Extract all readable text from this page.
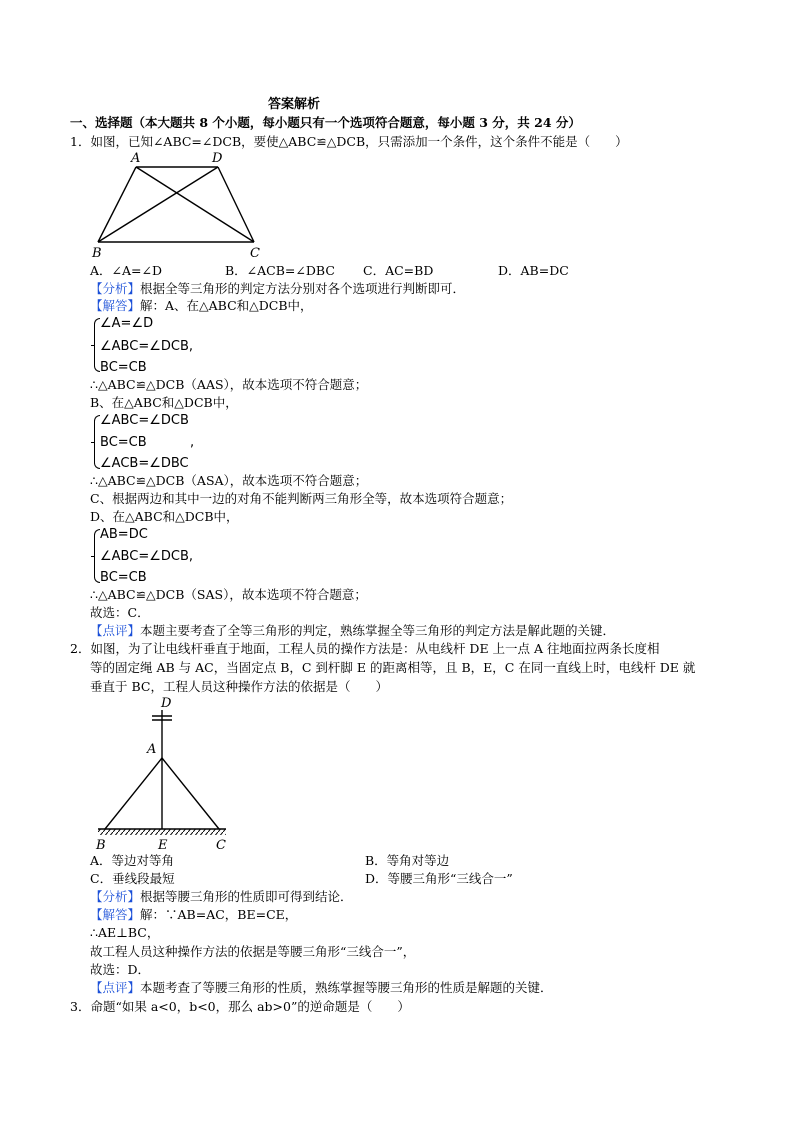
答案解析
一、选择题（本大题共 8 个小题，每小题只有一个选项符合题意，每小题 3 分，共 24 分）
1．如图，已知∠ABC=∠DCB，要使△ABC≌△DCB，只需添加一个条件，这个条件不能是（　　）
A	D
B	C
A．∠A=∠D	B．∠ACB=∠DBC C．AC=BD	D．AB=DC
【分析】根据全等三角形的判定方法分别对各个选项进行判断即可．
【解答】解：A、在△ABC和△DCB中，
∠A=∠D
∠ABC=∠DCB,
BC=CB
∴△ABC≌△DCB（AAS），故本选项不符合题意；
B、在△ABC和△DCB中，
∠ABC=∠DCB
BC=CB	,
∠ACB=∠DBC
∴△ABC≌△DCB（ASA），故本选项不符合题意；
C、根据两边和其中一边的对角不能判断两三角形全等，故本选项符合题意；
D、在△ABC和△DCB中，
AB=DC
∠ABC=∠DCB,
BC=CB
∴△ABC≌△DCB（SAS），故本选项不符合题意；
故选：C．
【点评】本题主要考查了全等三角形的判定，熟练掌握全等三角形的判定方法是解此题的关键．
2．如图，为了让电线杆垂直于地面，工程人员的操作方法是：从电线杆 DE 上一点 A 往地面拉两条长度相
等的固定绳 AB 与 AC，当固定点 B，C 到杆脚 E 的距离相等，且 B，E，C 在同一直线上时，电线杆 DE 就
垂直于 BC，工程人员这种操作方法的依据是（　　）
D
A
B	E	C
A．等边对等角	B．等角对等边
C．垂线段最短	D．等腰三角形“三线合一”
【分析】根据等腰三角形的性质即可得到结论．
【解答】解：∵AB=AC，BE=CE，
∴AE⊥BC，
故工程人员这种操作方法的依据是等腰三角形“三线合一”，
故选：D．
【点评】本题考查了等腰三角形的性质，熟练掌握等腰三角形的性质是解题的关键．
3．命题“如果 a<0，b<0，那么 ab>0”的逆命题是（　　）
